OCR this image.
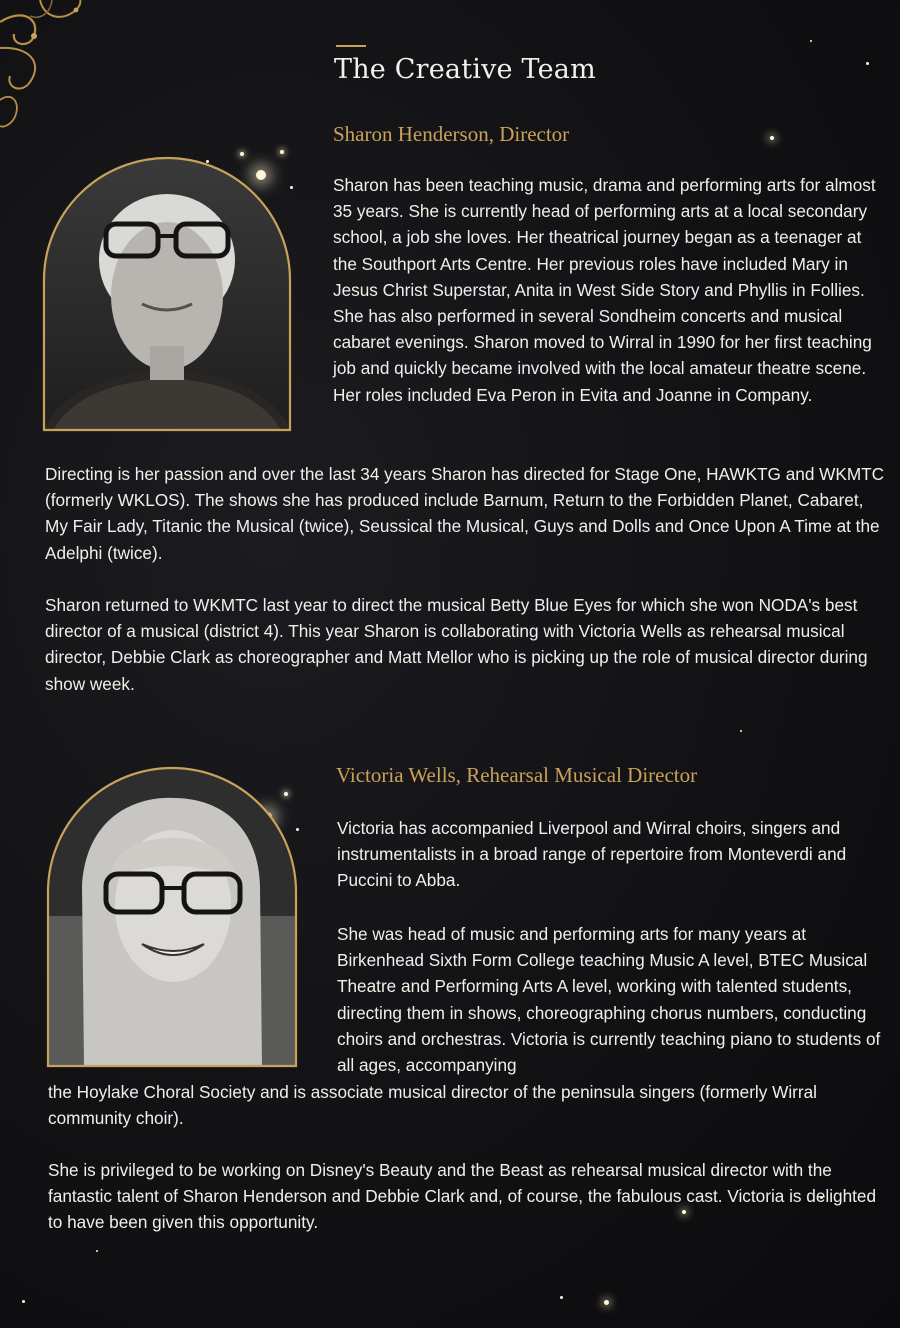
The Creative Team
Sharon Henderson, Director

Sharon has been teaching music, drama and performing arts for almost 35 years. She is currently head of performing arts at a local secondary school, a job she loves. Her theatrical journey began as a teenager at the Southport Arts Centre. Her previous roles have included Mary in Jesus Christ Superstar, Anita in West Side Story and Phyllis in Follies. She has also performed in several Sondheim concerts and musical cabaret evenings. Sharon moved to Wirral in 1990 for her first teaching job and quickly became involved with the local amateur theatre scene. Her roles included Eva Peron in Evita and Joanne in Company.

Directing is her passion and over the last 34 years Sharon has directed for Stage One, HAWKTG and WKMTC (formerly WKLOS). The shows she has produced include Barnum, Return to the Forbidden Planet, Cabaret, My Fair Lady, Titanic the Musical (twice), Seussical the Musical, Guys and Dolls and Once Upon A Time at the Adelphi (twice).

Sharon returned to WKMTC last year to direct the musical Betty Blue Eyes for which she won NODA's best director of a musical (district 4). This year Sharon is collaborating with Victoria Wells as rehearsal musical director, Debbie Clark as choreographer and Matt Mellor who is picking up the role of musical director during show week.

Victoria Wells, Rehearsal Musical Director

Victoria has accompanied Liverpool and Wirral choirs, singers and instrumentalists in a broad range of repertoire from Monteverdi and Puccini to Abba.

She was head of music and performing arts for many years at Birkenhead Sixth Form College teaching Music A level, BTEC Musical Theatre and Performing Arts A level, working with talented students, directing them in shows, choreographing chorus numbers, conducting choirs and orchestras. Victoria is currently teaching piano to students of all ages, accompanying

the Hoylake Choral Society and is associate musical director of the peninsula singers (formerly Wirral community choir).

She is privileged to be working on Disney's Beauty and the Beast as rehearsal musical director with the fantastic talent of Sharon Henderson and Debbie Clark and, of course, the fabulous cast. Victoria is delighted to have been given this opportunity.
